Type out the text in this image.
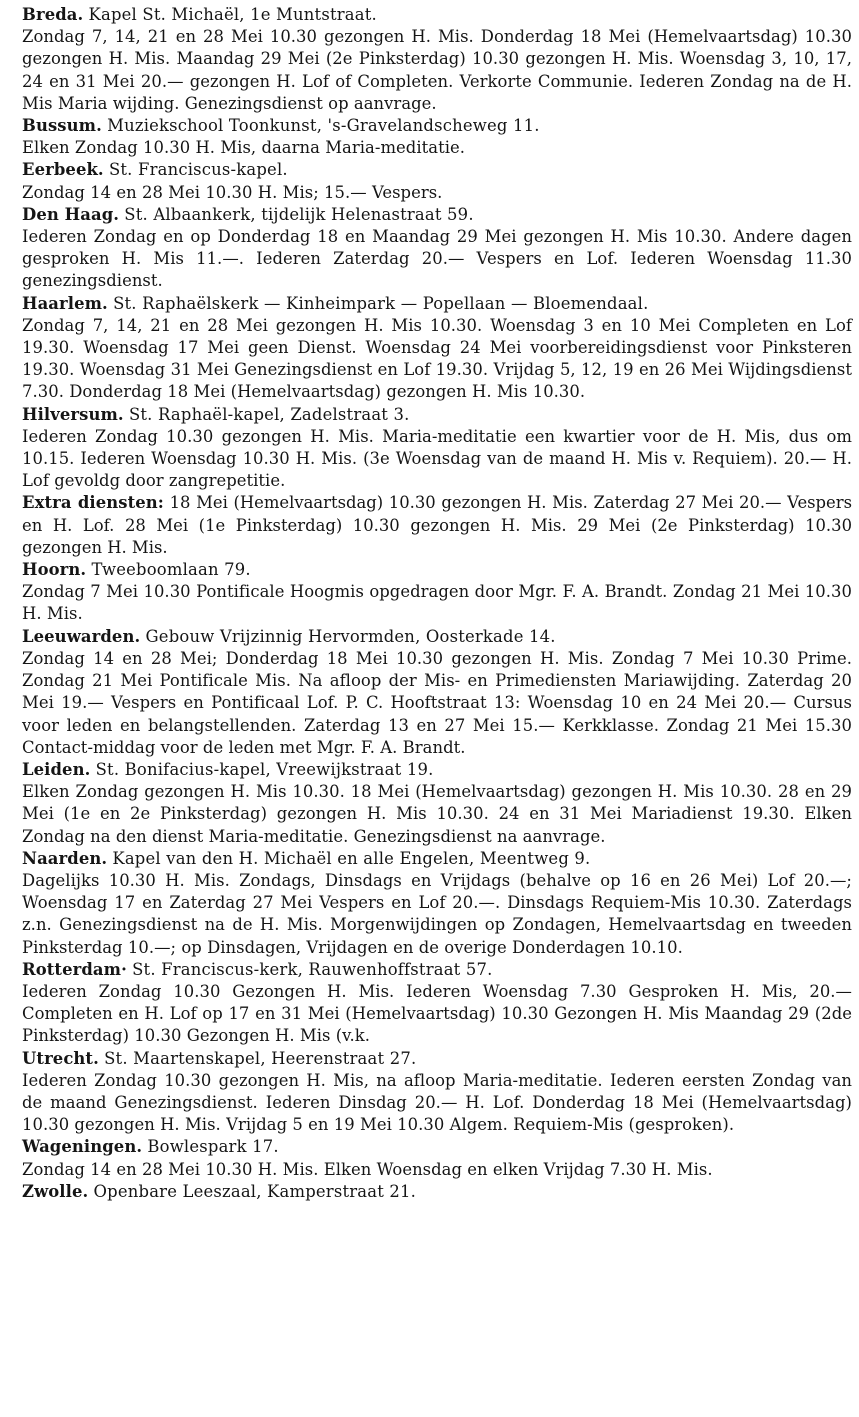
Breda. Kapel St. Michaël, 1e Muntstraat.
Zondag 7, 14, 21 en 28 Mei 10.30 gezongen H. Mis. Donderdag 18 Mei (Hemelvaartsdag) 10.30 gezongen H. Mis. Maandag 29 Mei (2e Pinksterdag) 10.30 gezongen H. Mis. Woensdag 3, 10, 17, 24 en 31 Mei 20.— gezongen H. Lof of Completen. Verkorte Communie. Iederen Zondag na de H. Mis Maria wijding. Genezingsdienst op aanvrage.

Bussum. Muziekschool Toonkunst, 's-Gravelandscheweg 11.
Elken Zondag 10.30 H. Mis, daarna Maria-meditatie.

Eerbeek. St. Franciscus-kapel.
Zondag 14 en 28 Mei 10.30 H. Mis; 15.— Vespers.

Den Haag. St. Albaankerk, tijdelijk Helenastraat 59.
Iederen Zondag en op Donderdag 18 en Maandag 29 Mei gezongen H. Mis 10.30. Andere dagen gesproken H. Mis 11.—. Iederen Zaterdag 20.— Vespers en Lof. Iederen Woensdag 11.30 genezingsdienst.

Haarlem. St. Raphaëlskerk — Kinheimpark — Popellaan — Bloemendaal.
Zondag 7, 14, 21 en 28 Mei gezongen H. Mis 10.30. Woensdag 3 en 10 Mei Completen en Lof 19.30. Woensdag 17 Mei geen Dienst. Woensdag 24 Mei voorbereidingsdienst voor Pinksteren 19.30. Woensdag 31 Mei Genezingsdienst en Lof 19.30. Vrijdag 5, 12, 19 en 26 Mei Wijdingsdienst 7.30. Donderdag 18 Mei (Hemelvaartsdag) gezongen H. Mis 10.30.

Hilversum. St. Raphaël-kapel, Zadelstraat 3.
Iederen Zondag 10.30 gezongen H. Mis. Maria-meditatie een kwartier voor de H. Mis, dus om 10.15. Iederen Woensdag 10.30 H. Mis. (3e Woensdag van de maand H. Mis v. Requiem). 20.— H. Lof gevoldg door zangrepetitie.

Extra diensten: 18 Mei (Hemelvaartsdag) 10.30 gezongen H. Mis. Zaterdag 27 Mei 20.— Vespers en H. Lof. 28 Mei (1e Pinksterdag) 10.30 gezongen H. Mis. 29 Mei (2e Pinksterdag) 10.30 gezongen H. Mis.

Hoorn. Tweeboomlaan 79.
Zondag 7 Mei 10.30 Pontificale Hoogmis opgedragen door Mgr. F. A. Brandt. Zondag 21 Mei 10.30 H. Mis.

Leeuwarden. Gebouw Vrijzinnig Hervormden, Oosterkade 14.
Zondag 14 en 28 Mei; Donderdag 18 Mei 10.30 gezongen H. Mis. Zondag 7 Mei 10.30 Prime. Zondag 21 Mei Pontificale Mis. Na afloop der Mis- en Primediensten Mariawijding. Zaterdag 20 Mei 19.— Vespers en Pontificaal Lof. P. C. Hooftstraat 13: Woensdag 10 en 24 Mei 20.— Cursus voor leden en belangstellenden. Zaterdag 13 en 27 Mei 15.— Kerkklasse. Zondag 21 Mei 15.30 Contact-middag voor de leden met Mgr. F. A. Brandt.

Leiden. St. Bonifacius-kapel, Vreewijkstraat 19.
Elken Zondag gezongen H. Mis 10.30. 18 Mei (Hemelvaartsdag) gezongen H. Mis 10.30. 28 en 29 Mei (1e en 2e Pinksterdag) gezongen H. Mis 10.30. 24 en 31 Mei Mariadienst 19.30. Elken Zondag na den dienst Maria-meditatie. Genezingsdienst na aanvrage.

Naarden. Kapel van den H. Michaël en alle Engelen, Meentweg 9.
Dagelijks 10.30 H. Mis. Zondags, Dinsdags en Vrijdags (behalve op 16 en 26 Mei) Lof 20.—; Woensdag 17 en Zaterdag 27 Mei Vespers en Lof 20.—. Dinsdags Requiem-Mis 10.30. Zaterdags z.n. Genezingsdienst na de H. Mis. Morgenwijdingen op Zondagen, Hemelvaartsdag en tweeden Pinksterdag 10.—; op Dinsdagen, Vrijdagen en de overige Donderdagen 10.10.

Rotterdam· St. Franciscus-kerk, Rauwenhoffstraat 57.
Iederen Zondag 10.30 Gezongen H. Mis. Iederen Woensdag 7.30 Gesproken H. Mis, 20.— Completen en H. Lof op 17 en 31 Mei (Hemelvaartsdag) 10.30 Gezongen H. Mis Maandag 29 (2de Pinksterdag) 10.30 Gezongen H. Mis (v.k.

Utrecht. St. Maartenskapel, Heerenstraat 27.
Iederen Zondag 10.30 gezongen H. Mis, na afloop Maria-meditatie. Iederen eersten Zondag van de maand Genezingsdienst. Iederen Dinsdag 20.— H. Lof. Donderdag 18 Mei (Hemelvaartsdag) 10.30 gezongen H. Mis. Vrijdag 5 en 19 Mei 10.30 Algem. Requiem-Mis (gesproken).

Wageningen. Bowlespark 17.
Zondag 14 en 28 Mei 10.30 H. Mis. Elken Woensdag en elken Vrijdag 7.30 H. Mis.

Zwolle. Openbare Leeszaal, Kamperstraat 21.
